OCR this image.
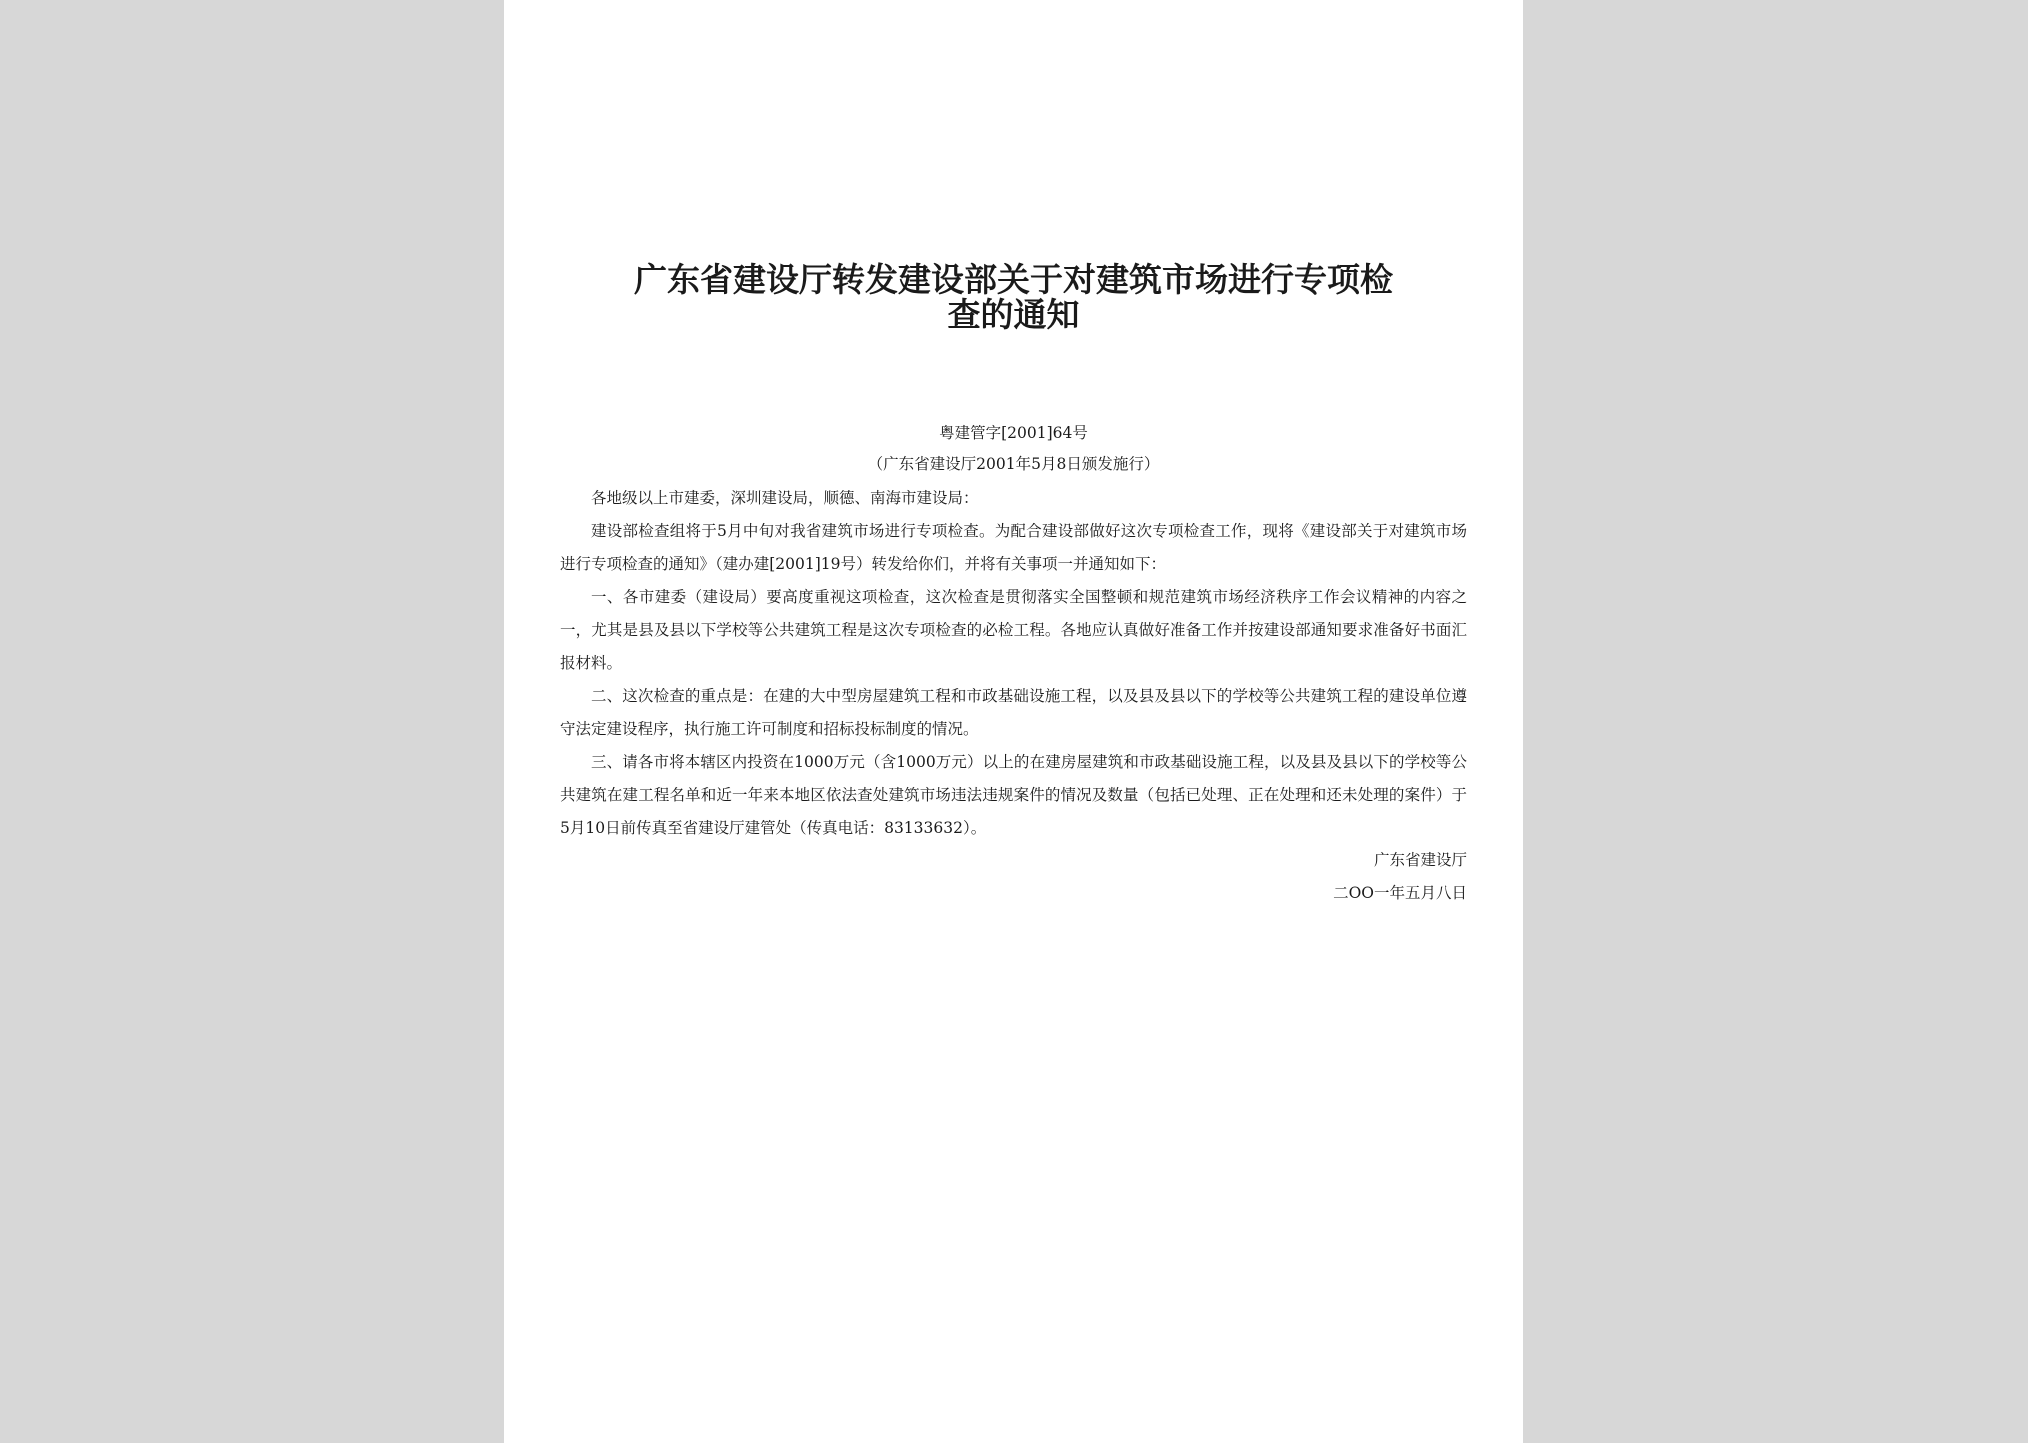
广东省建设厅转发建设部关于对建筑市场进行专项检
查的通知
粤建管字[2001]64号
（广东省建设厅2001年5月8日颁发施行）

各地级以上市建委，深圳建设局，顺德、南海市建设局：

建设部检查组将于5月中旬对我省建筑市场进行专项检查。为配合建设部做好这次专项检查工作，现将《建设部关于对建筑市场进行专项检查的通知》（建办建[2001]19号）转发给你们，并将有关事项一并通知如下：

一、各市建委（建设局）要高度重视这项检查，这次检查是贯彻落实全国整顿和规范建筑市场经济秩序工作会议精神的内容之一，尤其是县及县以下学校等公共建筑工程是这次专项检查的必检工程。各地应认真做好准备工作并按建设部通知要求准备好书面汇报材料。

二、这次检查的重点是：在建的大中型房屋建筑工程和市政基础设施工程，以及县及县以下的学校等公共建筑工程的建设单位遵守法定建设程序，执行施工许可制度和招标投标制度的情况。

三、请各市将本辖区内投资在1000万元（含1000万元）以上的在建房屋建筑和市政基础设施工程，以及县及县以下的学校等公共建筑在建工程名单和近一年来本地区依法查处建筑市场违法违规案件的情况及数量（包括已处理、正在处理和还未处理的案件）于5月10日前传真至省建设厅建管处（传真电话：83133632）。

广东省建设厅
二OO一年五月八日
